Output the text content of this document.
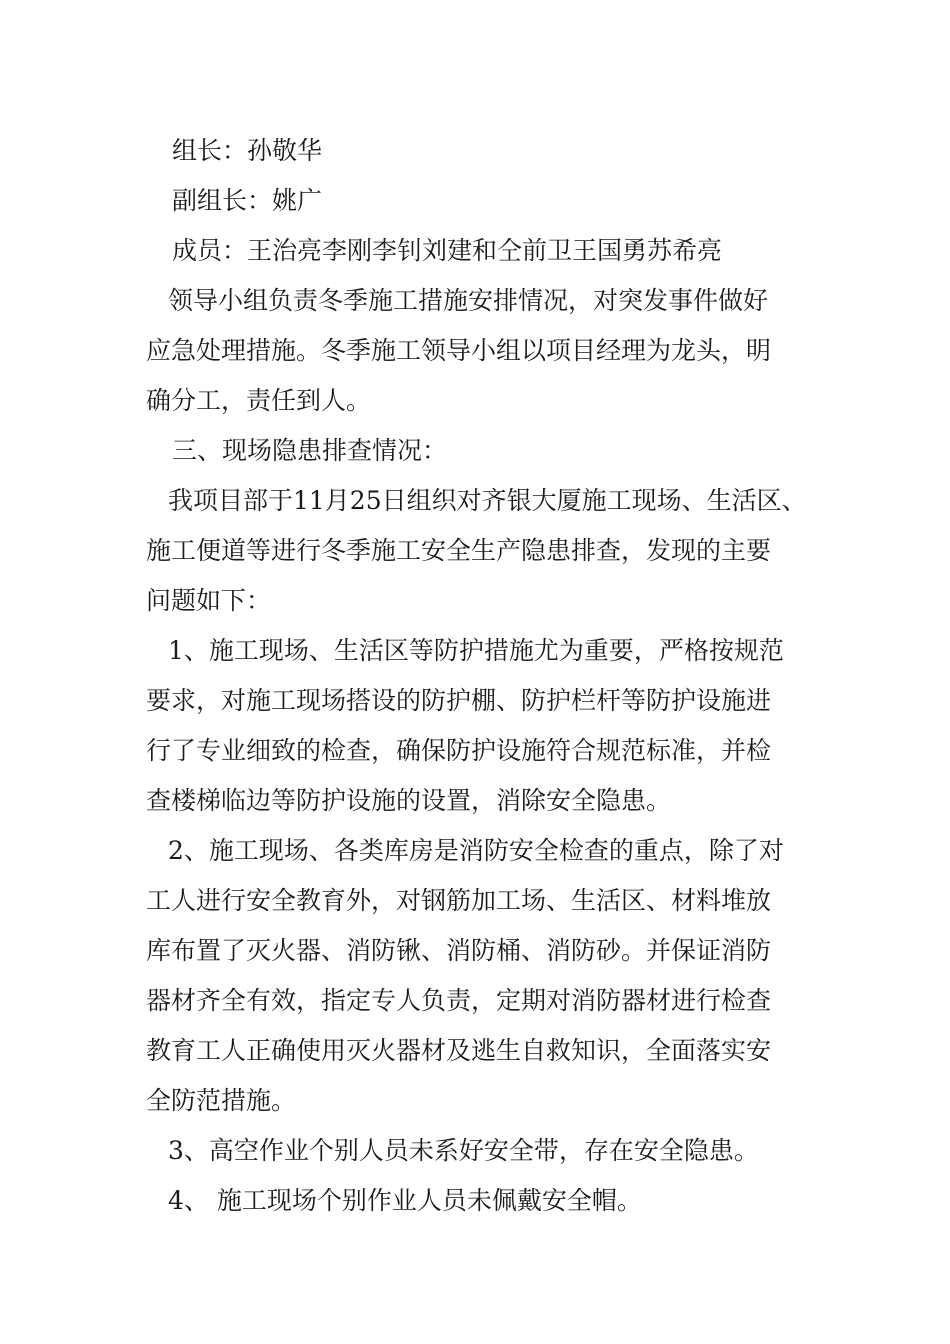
组长：孙敬华
副组长：姚广
成员：王治亮李刚李钊刘建和仝前卫王国勇苏希亮
领导小组负责冬季施工措施安排情况，对突发事件做好
应急处理措施。冬季施工领导小组以项目经理为龙头，明
确分工，责任到人。
三、现场隐患排查情况：
我项目部于11月25日组织对齐银大厦施工现场、生活区、
施工便道等进行冬季施工安全生产隐患排查，发现的主要
问题如下：
1、施工现场、生活区等防护措施尤为重要，严格按规范
要求，对施工现场搭设的防护棚、防护栏杆等防护设施进
行了专业细致的检查，确保防护设施符合规范标准，并检
查楼梯临边等防护设施的设置，消除安全隐患。
2、施工现场、各类库房是消防安全检查的重点，除了对
工人进行安全教育外，对钢筋加工场、生活区、材料堆放
库布置了灭火器、消防锹、消防桶、消防砂。并保证消防
器材齐全有效，指定专人负责，定期对消防器材进行检查
教育工人正确使用灭火器材及逃生自救知识，全面落实安
全防范措施。
3、高空作业个别人员未系好安全带，存在安全隐患。
4、 施工现场个别作业人员未佩戴安全帽。
